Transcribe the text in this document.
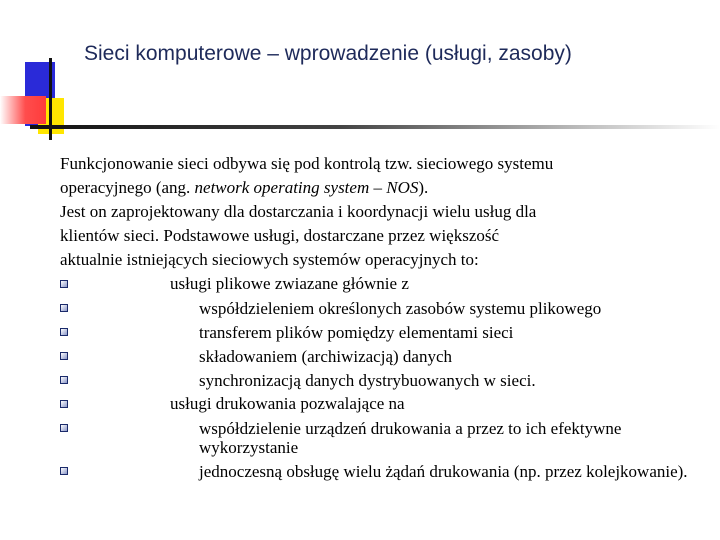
Sieci komputerowe – wprowadzenie (usługi, zasoby)
Funkcjonowanie sieci odbywa się pod kontrolą tzw. sieciowego systemu
operacyjnego (ang. network operating system – NOS).
Jest on zaprojektowany dla dostarczania i koordynacji wielu usług dla
klientów sieci. Podstawowe usługi, dostarczane przez większość
aktualnie istniejących sieciowych systemów operacyjnych to:
usługi plikowe zwiazane głównie z
współdzieleniem określonych zasobów systemu plikowego
transferem plików pomiędzy elementami sieci
składowaniem (archiwizacją) danych
synchronizacją danych dystrybuowanych w sieci.
usługi drukowania pozwalające na
współdzielenie urządzeń drukowania a przez to ich efektywne wykorzystanie
jednoczesną obsługę wielu żądań drukowania (np. przez kolejkowanie).
